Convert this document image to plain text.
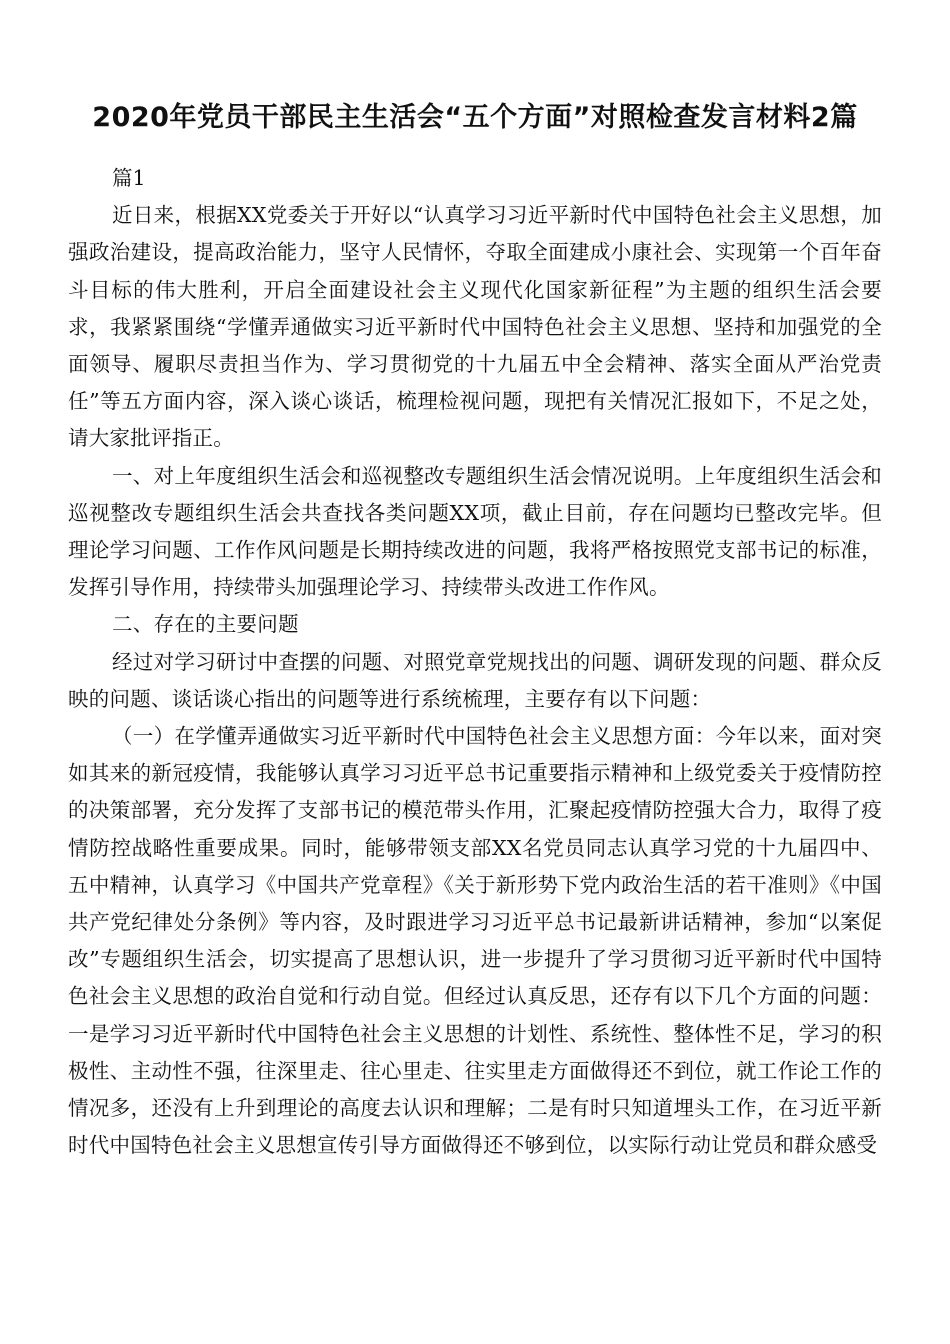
2020年党员干部民主生活会“五个方面”对照检查发言材料2篇

篇1

近日来，根据XX党委关于开好以“认真学习习近平新时代中国特色社会主义思想，加强政治建设，提高政治能力，坚守人民情怀，夺取全面建成小康社会、实现第一个百年奋斗目标的伟大胜利，开启全面建设社会主义现代化国家新征程”为主题的组织生活会要求，我紧紧围绕“学懂弄通做实习近平新时代中国特色社会主义思想、坚持和加强党的全面领导、履职尽责担当作为、学习贯彻党的十九届五中全会精神、落实全面从严治党责任”等五方面内容，深入谈心谈话，梳理检视问题，现把有关情况汇报如下，不足之处，请大家批评指正。

一、对上年度组织生活会和巡视整改专题组织生活会情况说明。上年度组织生活会和巡视整改专题组织生活会共查找各类问题XX项，截止目前，存在问题均已整改完毕。但理论学习问题、工作作风问题是长期持续改进的问题，我将严格按照党支部书记的标准，发挥引导作用，持续带头加强理论学习、持续带头改进工作作风。

二、存在的主要问题

经过对学习研讨中查摆的问题、对照党章党规找出的问题、调研发现的问题、群众反映的问题、谈话谈心指出的问题等进行系统梳理，主要存有以下问题：

（一）在学懂弄通做实习近平新时代中国特色社会主义思想方面：今年以来，面对突如其来的新冠疫情，我能够认真学习习近平总书记重要指示精神和上级党委关于疫情防控的决策部署，充分发挥了支部书记的模范带头作用，汇聚起疫情防控强大合力，取得了疫情防控战略性重要成果。同时，能够带领支部XX名党员同志认真学习党的十九届四中、五中精神，认真学习《中国共产党章程》《关于新形势下党内政治生活的若干准则》《中国共产党纪律处分条例》等内容，及时跟进学习习近平总书记最新讲话精神，参加“以案促改”专题组织生活会，切实提高了思想认识，进一步提升了学习贯彻习近平新时代中国特色社会主义思想的政治自觉和行动自觉。但经过认真反思，还存有以下几个方面的问题：一是学习习近平新时代中国特色社会主义思想的计划性、系统性、整体性不足，学习的积极性、主动性不强，往深里走、往心里走、往实里走方面做得还不到位，就工作论工作的情况多，还没有上升到理论的高度去认识和理解；二是有时只知道埋头工作，在习近平新时代中国特色社会主义思想宣传引导方面做得还不够到位，以实际行动让党员和群众感受
